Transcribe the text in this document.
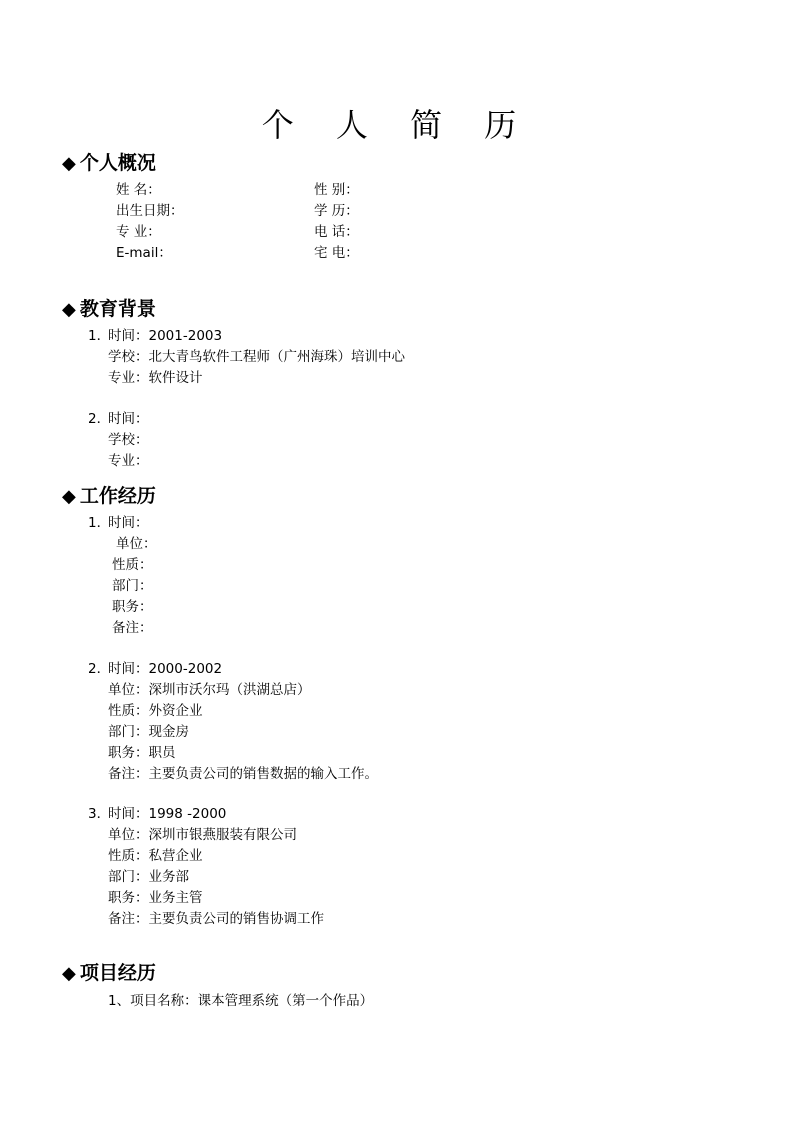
个 人 简 历
◆ 个人概况
姓 名：
出生日期：
专 业：
E-mail：
性 别：
学 历：
电 话：
宅 电：
◆ 教育背景
1．
时间：2001-2003
学校：北大青鸟软件工程师（广州海珠）培训中心
专业：软件设计
2．
时间：
学校：
专业：
◆ 工作经历
1．
时间：
单位：
性质：
部门：
职务：
备注：
2．
时间：2000-2002
单位：深圳市沃尔玛（洪湖总店）
性质：外资企业
部门：现金房
职务：职员
备注：主要负责公司的销售数据的输入工作。
3．
时间：1998 -2000
单位：深圳市银燕服装有限公司
性质：私营企业
部门：业务部
职务：业务主管
备注：主要负责公司的销售协调工作
◆ 项目经历
1、项目名称：课本管理系统（第一个作品）
